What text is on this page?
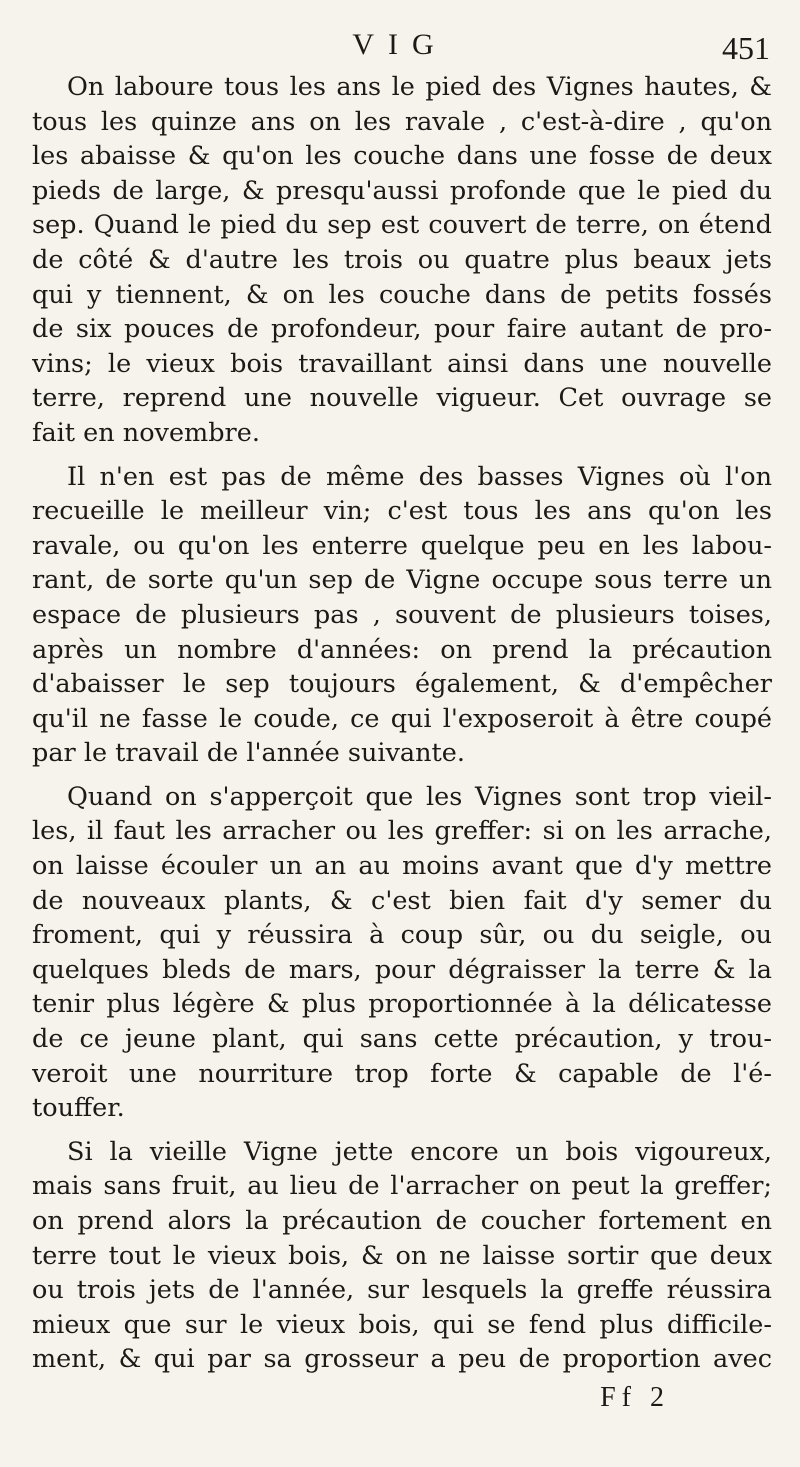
VIG	451
On laboure tous les ans le pied des Vignes hautes, &
tous les quinze ans on les ravale , c'est-à-dire , qu'on
les abaisse & qu'on les couche dans une fosse de deux
pieds de large, & presqu'aussi profonde que le pied du
sep. Quand le pied du sep est couvert de terre, on étend
de côté & d'autre les trois ou quatre plus beaux jets
qui y tiennent, & on les couche dans de petits fossés
de six pouces de profondeur, pour faire autant de pro-
vins; le vieux bois travaillant ainsi dans une nouvelle
terre, reprend une nouvelle vigueur. Cet ouvrage se
fait en novembre.
Il n'en est pas de même des basses Vignes où l'on
recueille le meilleur vin; c'est tous les ans qu'on les
ravale, ou qu'on les enterre quelque peu en les labou-
rant, de sorte qu'un sep de Vigne occupe sous terre un
espace de plusieurs pas , souvent de plusieurs toises,
après un nombre d'années: on prend la précaution
d'abaisser le sep toujours également, & d'empêcher
qu'il ne fasse le coude, ce qui l'exposeroit à être coupé
par le travail de l'année suivante.
Quand on s'apperçoit que les Vignes sont trop vieil-
les, il faut les arracher ou les greffer: si on les arrache,
on laisse écouler un an au moins avant que d'y mettre
de nouveaux plants, & c'est bien fait d'y semer du
froment, qui y réussira à coup sûr, ou du seigle, ou
quelques bleds de mars, pour dégraisser la terre & la
tenir plus légère & plus proportionnée à la délicatesse
de ce jeune plant, qui sans cette précaution, y trou-
veroit une nourriture trop forte & capable de l'é-
touffer.
Si la vieille Vigne jette encore un bois vigoureux,
mais sans fruit, au lieu de l'arracher on peut la greffer;
on prend alors la précaution de coucher fortement en
terre tout le vieux bois, & on ne laisse sortir que deux
ou trois jets de l'année, sur lesquels la greffe réussira
mieux que sur le vieux bois, qui se fend plus difficile-
ment, & qui par sa grosseur a peu de proportion avec
Ff 2
